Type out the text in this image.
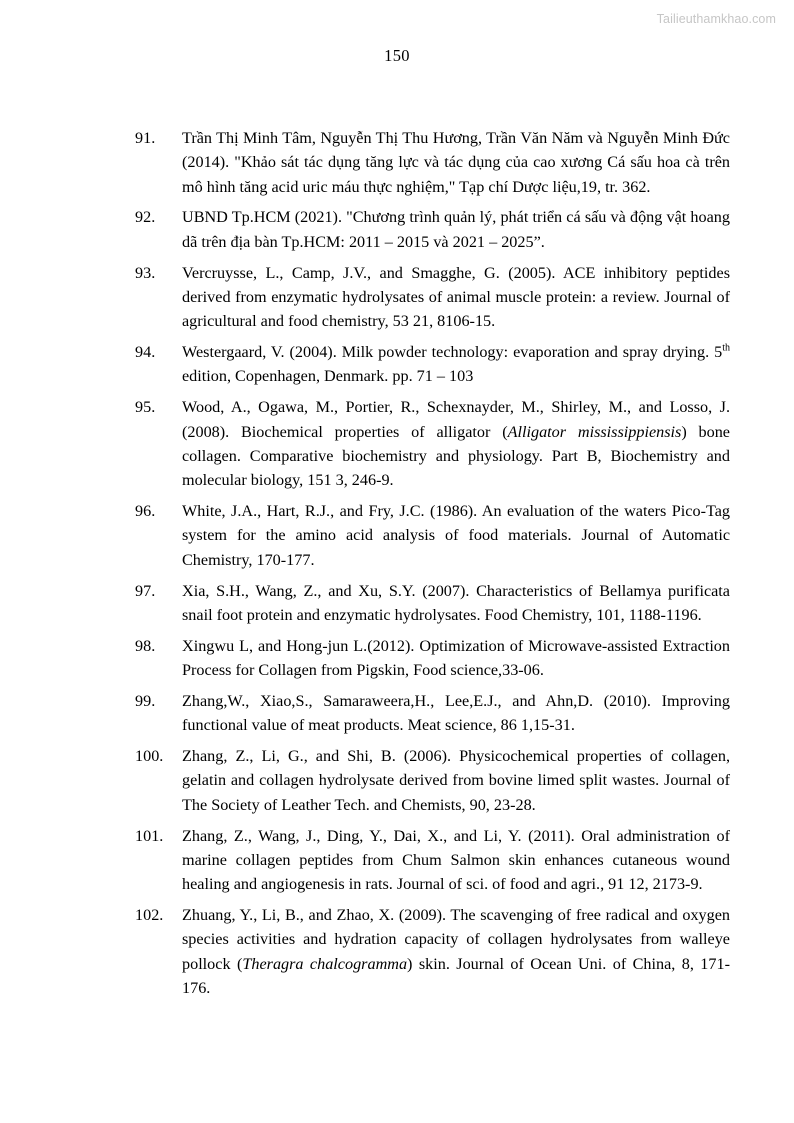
Tailieuthamkhao.com
150
91. Trần Thị Minh Tâm, Nguyễn Thị Thu Hương, Trần Văn Năm và Nguyễn Minh Đức (2014). "Khảo sát tác dụng tăng lực và tác dụng của cao xương Cá sấu hoa cà trên mô hình tăng acid uric máu thực nghiệm," Tạp chí Dược liệu,19, tr. 362.
92. UBND Tp.HCM (2021). "Chương trình quản lý, phát triển cá sấu và động vật hoang dã trên địa bàn Tp.HCM: 2011 – 2015 và 2021 – 2025”.
93. Vercruysse, L., Camp, J.V., and Smagghe, G. (2005). ACE inhibitory peptides derived from enzymatic hydrolysates of animal muscle protein: a review. Journal of agricultural and food chemistry, 53 21, 8106-15.
94. Westergaard, V. (2004). Milk powder technology: evaporation and spray drying. 5th edition, Copenhagen, Denmark. pp. 71 – 103
95. Wood, A., Ogawa, M., Portier, R., Schexnayder, M., Shirley, M., and Losso, J. (2008). Biochemical properties of alligator (Alligator mississippiensis) bone collagen. Comparative biochemistry and physiology. Part B, Biochemistry and molecular biology, 151 3, 246-9.
96. White, J.A., Hart, R.J., and Fry, J.C. (1986). An evaluation of the waters Pico-Tag system for the amino acid analysis of food materials. Journal of Automatic Chemistry, 170-177.
97. Xia, S.H., Wang, Z., and Xu, S.Y. (2007). Characteristics of Bellamya purificata snail foot protein and enzymatic hydrolysates. Food Chemistry, 101, 1188-1196.
98. Xingwu L, and Hong-jun L.(2012). Optimization of Microwave-assisted Extraction Process for Collagen from Pigskin, Food science,33-06.
99. Zhang,W., Xiao,S., Samaraweera,H., Lee,E.J., and Ahn,D. (2010). Improving functional value of meat products. Meat science, 86 1,15-31.
100.	Zhang, Z., Li, G., and Shi, B. (2006). Physicochemical properties of collagen, gelatin and collagen hydrolysate derived from bovine limed split wastes. Journal of The Society of Leather Tech. and Chemists, 90, 23-28.
101.	Zhang, Z., Wang, J., Ding, Y., Dai, X., and Li, Y. (2011). Oral administration of marine collagen peptides from Chum Salmon skin enhances cutaneous wound healing and angiogenesis in rats. Journal of sci. of food and agri., 91 12, 2173-9.
102.	Zhuang, Y., Li, B., and Zhao, X. (2009). The scavenging of free radical and oxygen species activities and hydration capacity of collagen hydrolysates from walleye pollock (Theragra chalcogramma) skin. Journal of Ocean Uni. of China, 8, 171-176.
